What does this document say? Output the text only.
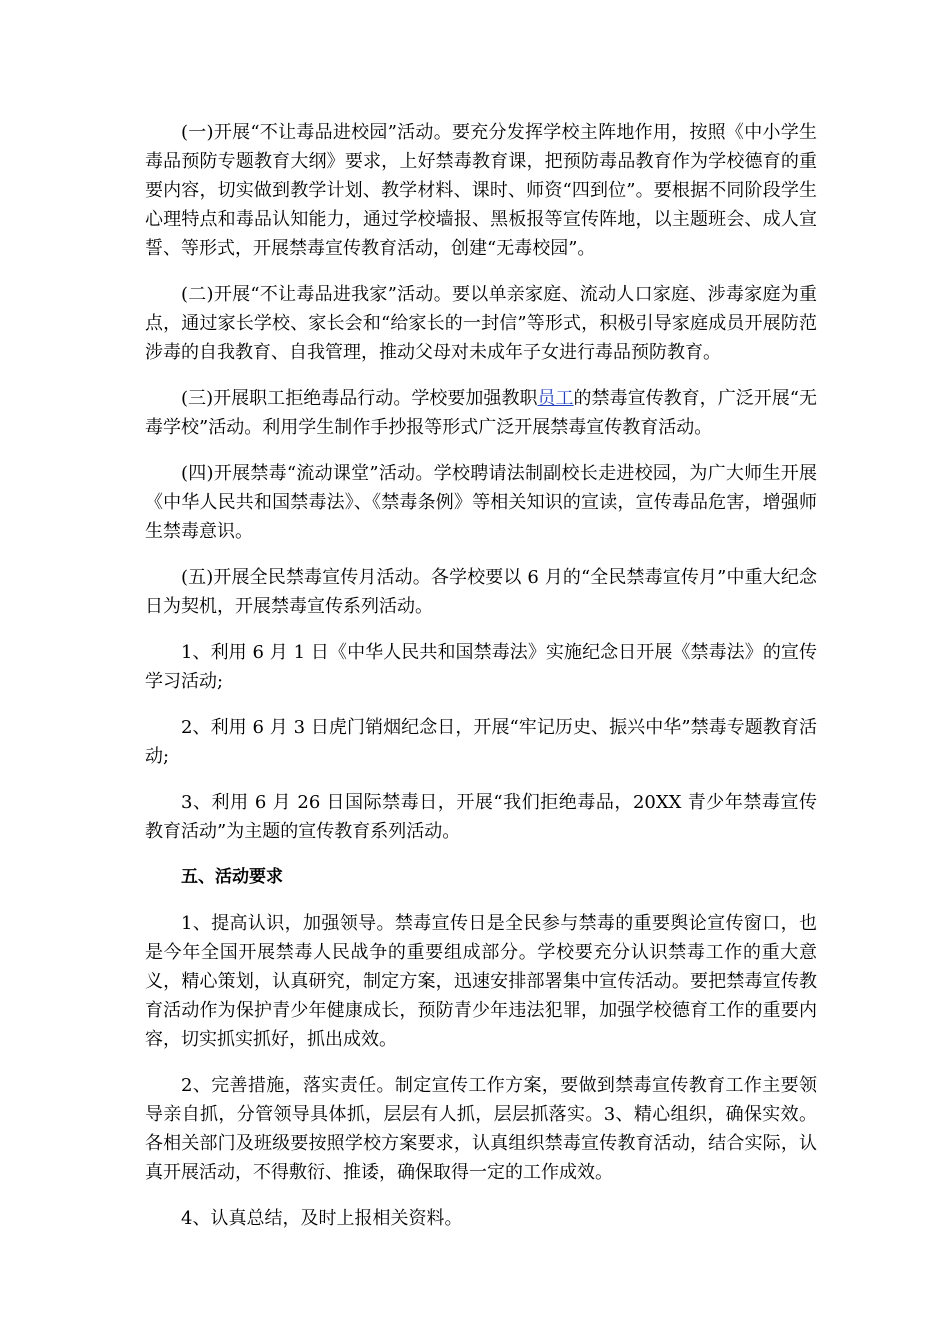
(一)开展“不让毒品进校园”活动。要充分发挥学校主阵地作用，按照《中小学生毒品预防专题教育大纲》要求，上好禁毒教育课，把预防毒品教育作为学校德育的重要内容，切实做到教学计划、教学材料、课时、师资“四到位”。要根据不同阶段学生心理特点和毒品认知能力，通过学校墙报、黑板报等宣传阵地，以主题班会、成人宣誓、等形式，开展禁毒宣传教育活动，创建“无毒校园”。

(二)开展“不让毒品进我家”活动。要以单亲家庭、流动人口家庭、涉毒家庭为重点，通过家长学校、家长会和“给家长的一封信”等形式，积极引导家庭成员开展防范涉毒的自我教育、自我管理，推动父母对未成年子女进行毒品预防教育。

(三)开展职工拒绝毒品行动。学校要加强教职员工的禁毒宣传教育，广泛开展“无毒学校”活动。利用学生制作手抄报等形式广泛开展禁毒宣传教育活动。

(四)开展禁毒“流动课堂”活动。学校聘请法制副校长走进校园，为广大师生开展《中华人民共和国禁毒法》、《禁毒条例》等相关知识的宣读，宣传毒品危害，增强师生禁毒意识。

(五)开展全民禁毒宣传月活动。各学校要以 6 月的“全民禁毒宣传月”中重大纪念日为契机，开展禁毒宣传系列活动。

1、利用 6 月 1 日《中华人民共和国禁毒法》实施纪念日开展《禁毒法》的宣传学习活动;

2、利用 6 月 3 日虎门销烟纪念日，开展“牢记历史、振兴中华”禁毒专题教育活动;

3、利用 6 月 26 日国际禁毒日，开展“我们拒绝毒品，20XX 青少年禁毒宣传教育活动”为主题的宣传教育系列活动。

五、活动要求

1、提高认识，加强领导。禁毒宣传日是全民参与禁毒的重要舆论宣传窗口，也是今年全国开展禁毒人民战争的重要组成部分。学校要充分认识禁毒工作的重大意义，精心策划，认真研究，制定方案，迅速安排部署集中宣传活动。要把禁毒宣传教育活动作为保护青少年健康成长，预防青少年违法犯罪，加强学校德育工作的重要内容，切实抓实抓好，抓出成效。

2、完善措施，落实责任。制定宣传工作方案，要做到禁毒宣传教育工作主要领导亲自抓，分管领导具体抓，层层有人抓，层层抓落实。3、精心组织，确保实效。各相关部门及班级要按照学校方案要求，认真组织禁毒宣传教育活动，结合实际，认真开展活动，不得敷衍、推诿，确保取得一定的工作成效。

4、认真总结，及时上报相关资料。
